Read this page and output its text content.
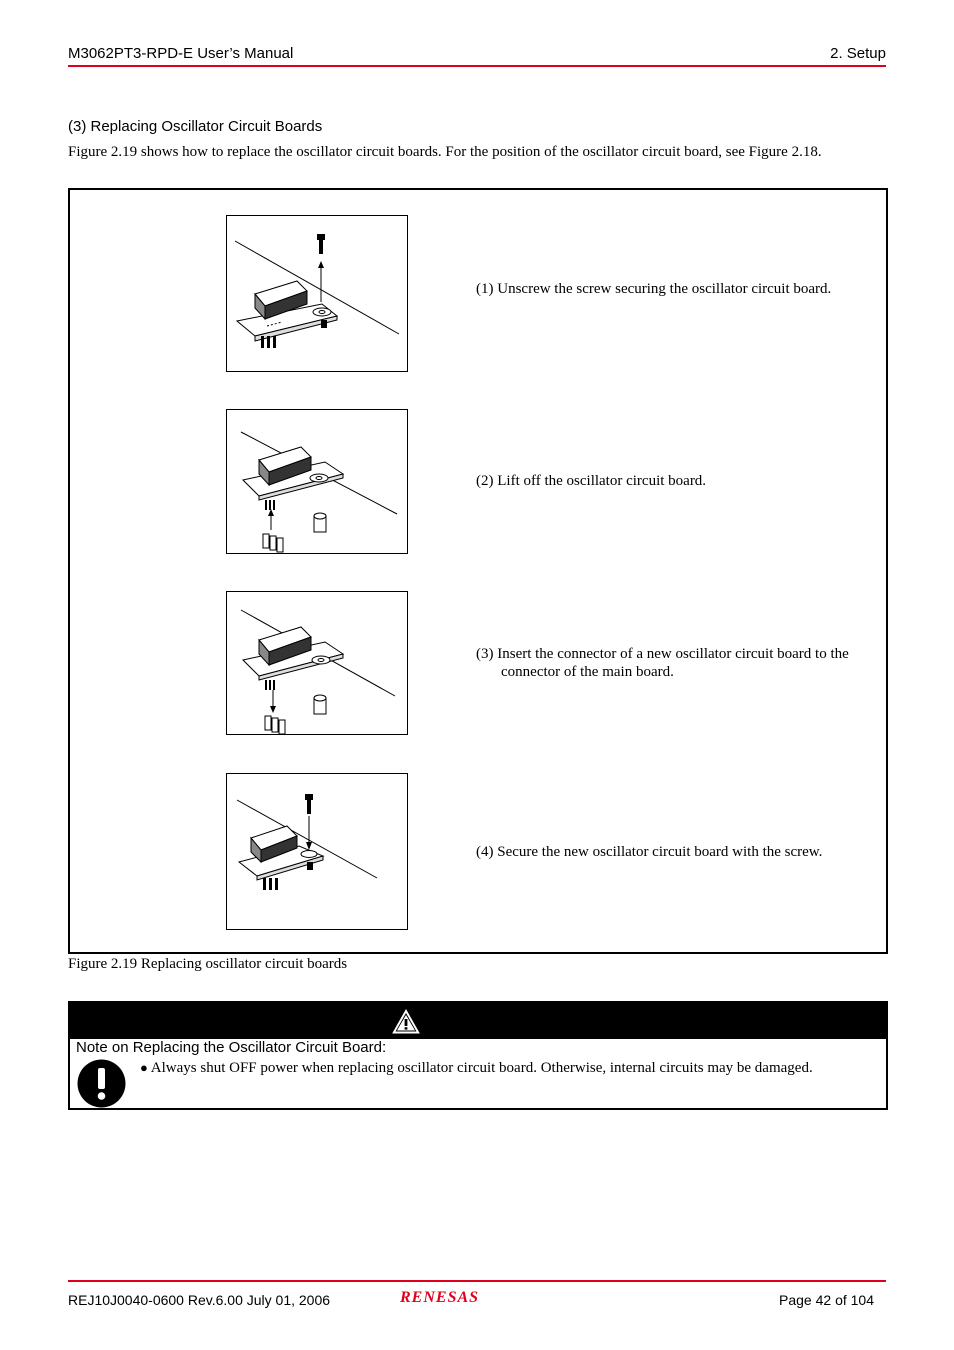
M3062PT3-RPD-E User’s Manual	2. Setup
(3) Replacing Oscillator Circuit Boards
Figure 2.19 shows how to replace the oscillator circuit boards. For the position of the oscillator circuit board, see Figure 2.18.
(1) Unscrew the screw securing the oscillator circuit board.
(2) Lift off the oscillator circuit board.
(3) Insert the connector of a new oscillator circuit board to the
connector of the main board.
(4) Secure the new oscillator circuit board with the screw.
Figure 2.19 Replacing oscillator circuit boards
Note on Replacing the Oscillator Circuit Board:
● Always shut OFF power when replacing oscillator circuit board. Otherwise, internal circuits may be damaged.
REJ10J0040-0600 Rev.6.00 July 01, 2006	RENESAS	Page 42 of 104
